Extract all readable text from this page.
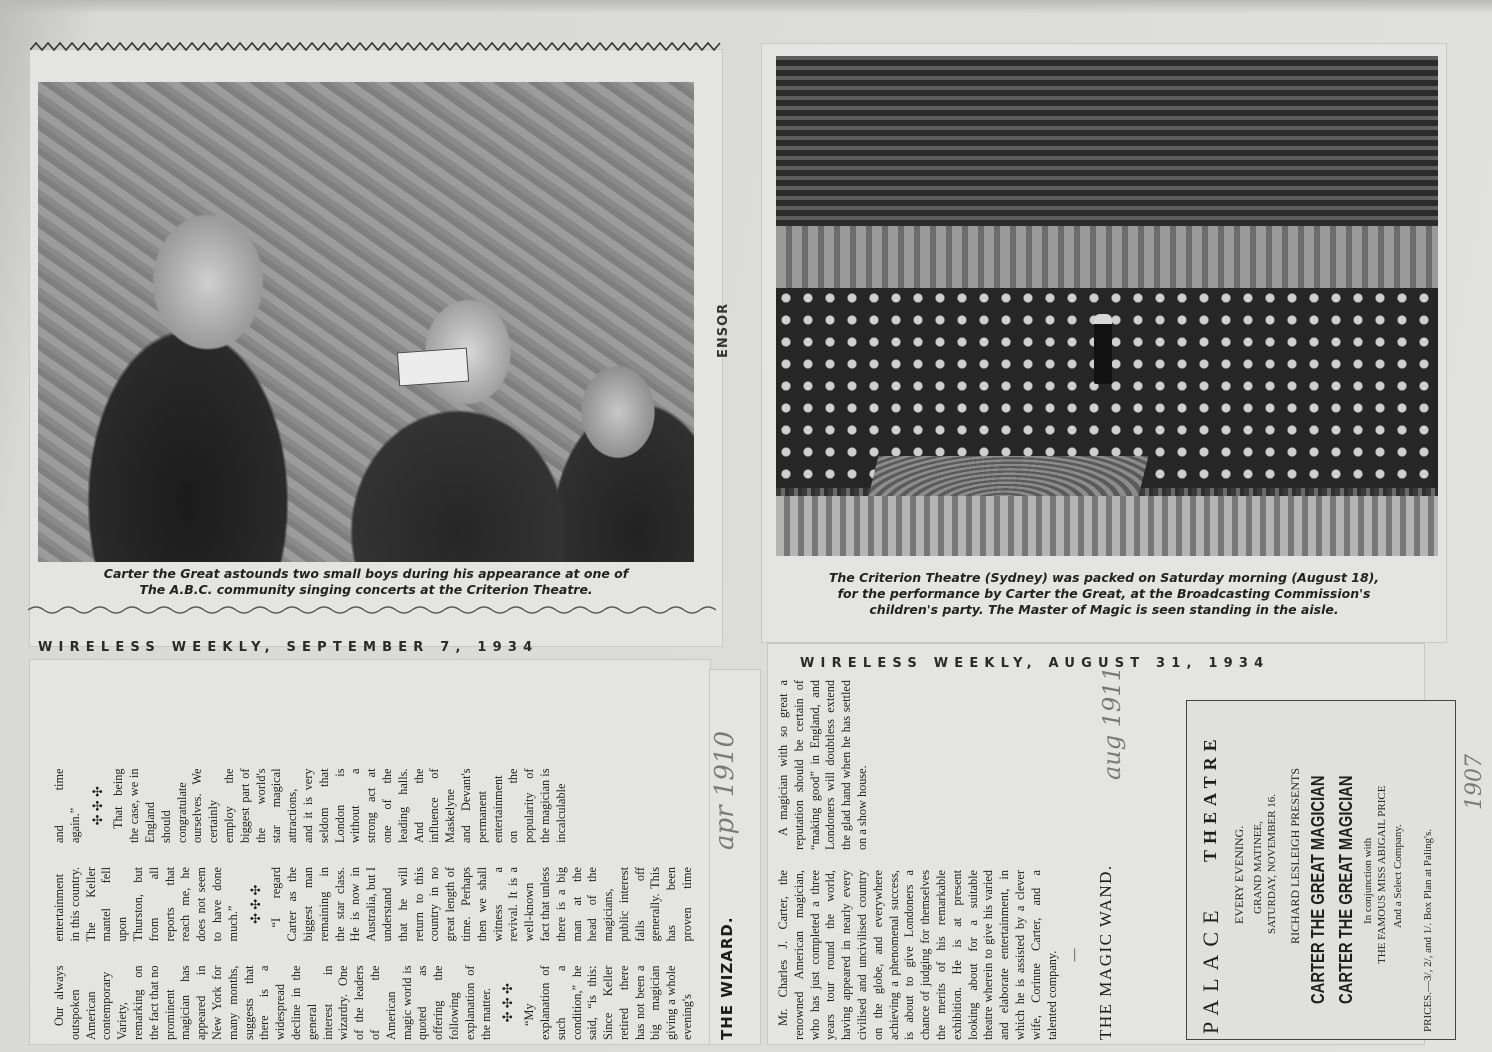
Carter the Great astounds two small boys during his appearance at one of
The A.B.C. community singing concerts at the Criterion Theatre.
WIRELESS WEEKLY, SEPTEMBER 7, 1934
The Criterion Theatre (Sydney) was packed on Saturday morning (August 18),
for the performance by Carter the Great, at the Broadcasting Commission's
children's party. The Master of Magic is seen standing in the aisle.
ENSOR

Our always outspoken American contemporary Variety, remarking on the fact that no prominent magician has appeared in New York for many months, suggests that there is a widespread decline in the general interest in wizardry. One of the leaders of the American magic world is quoted as offering the following explanation of the matter. ✣ ✣ ✣ “My explanation of such a condition,” he said, “is this: Since Keller retired there has not been a big magician giving a whole evening's entertainment in this country. The Keller mantel fell upon Thurston, but from all reports that reach me, he does not seem to have done much.” ✣ ✣ ✣ “I regard Carter as the biggest man remaining in the star class. He is now in Australia, but I understand that he will return to this country in no great length of time. Perhaps then we shall witness a revival. It is a well-known fact that unless there is a big man at the head of the magicians, public interest falls off generally. This has been proven time and time again.”

✣ ✣ ✣ That being the case, we in England should congratulate ourselves. We certainly employ the biggest part of the world's star magical attractions, and it is very seldom that London is without a strong act at one of the leading halls. And the influence of Maskelyne and Devant's permanent entertainment on the popularity of the magician is incalculable

THE WIZARD.
apr 1910
WIRELESS WEEKLY, AUGUST 31, 1934

Mr. Charles J. Carter, the renowned American magician, who has just completed a three years tour round the world, having appeared in nearly every civilised and uncivilised country on the globe, and everywhere achieving a phenomenal success, is about to give Londoners a chance of judging for themselves the merits of his remarkable exhibition. He is at present looking about for a suitable theatre wherein to give his varied and elaborate entertainment, in which he is assisted by a clever wife, Corinne Carter, and a talented company. —

A magician with so great a reputation should be certain of “making good” in England, and Londoners will doubtless extend the glad hand when he has settled on a show house.

THE MAGIC WAND.
aug 1911
PALACE
THEATRE
EVERY EVENING. GRAND MATINEE, SATURDAY, NOVEMBER 16. RICHARD LESLEIGH PRESENTS CARTER THE GREAT MAGICIAN CARTER THE GREAT MAGICIAN In conjunction with THE FAMOUS MISS ABIGAIL PRICE And a Select Company. PRICES.—3/, 2/, and 1/. Box Plan at Paling's.
1907
